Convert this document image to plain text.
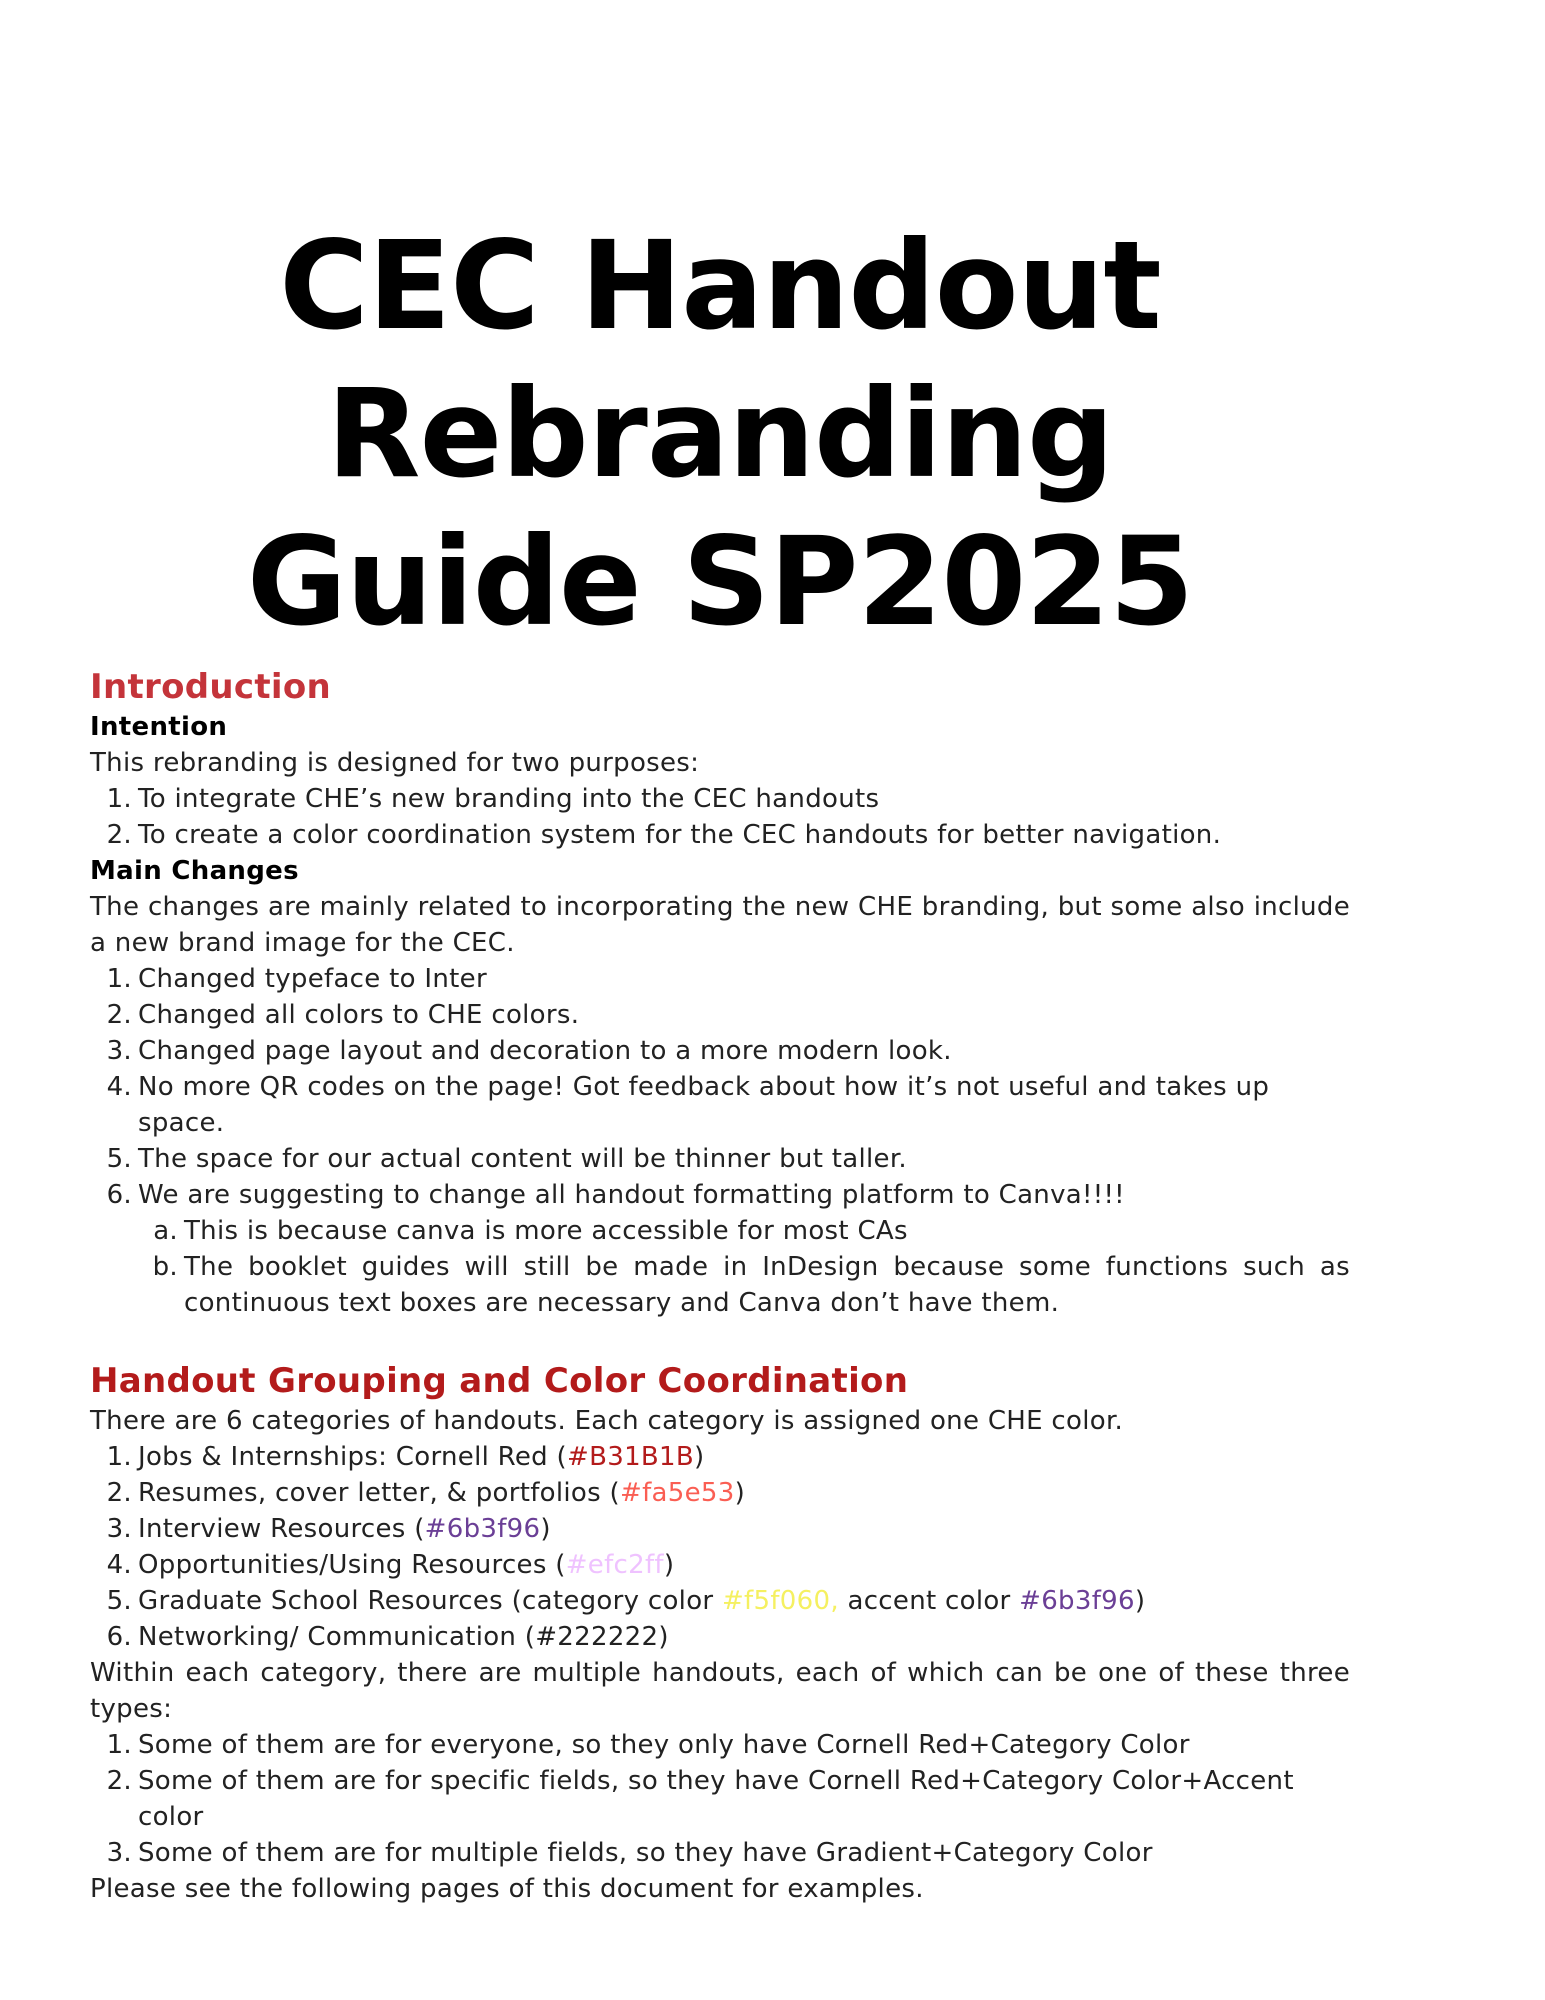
CEC Handout
Rebranding
Guide SP2025
Introduction
Intention

This rebranding is designed for two purposes:

1. To integrate CHE’s new branding into the CEC handouts
2. To create a color coordination system for the CEC handouts for better navigation.
Main Changes

The changes are mainly related to incorporating the new CHE branding, but some also include a new brand image for the CEC.

1. Changed typeface to Inter
2. Changed all colors to CHE colors.
3. Changed page layout and decoration to a more modern look.
4. No more QR codes on the page! Got feedback about how it’s not useful and takes up space.
5. The space for our actual content will be thinner but taller.
6. We are suggesting to change all handout formatting platform to Canva!!!!
a. This is because canva is more accessible for most CAs
b. The booklet guides will still be made in InDesign because some functions such as continuous text boxes are necessary and Canva don’t have them.
Handout Grouping and Color Coordination

There are 6 categories of handouts. Each category is assigned one CHE color.

1. Jobs & Internships: Cornell Red (#B31B1B)
2. Resumes, cover letter, & portfolios (#fa5e53)
3. Interview Resources (#6b3f96)
4. Opportunities/Using Resources (#efc2ff)
5. Graduate School Resources (category color #f5f060, accent color #6b3f96)
6. Networking/ Communication (#222222)

Within each category, there are multiple handouts, each of which can be one of these three types:

1. Some of them are for everyone, so they only have Cornell Red+Category Color
2. Some of them are for specific fields, so they have Cornell Red+Category Color+Accent color
3. Some of them are for multiple fields, so they have Gradient+Category Color

Please see the following pages of this document for examples.
